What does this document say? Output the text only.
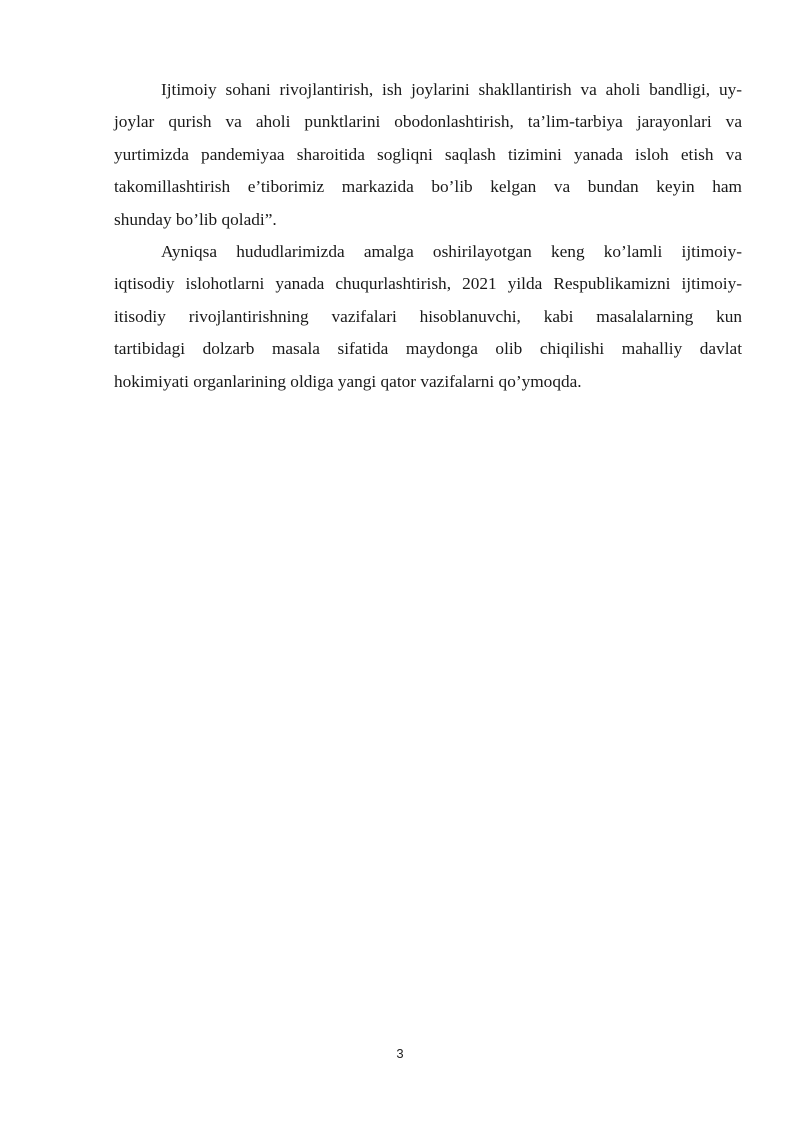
Ijtimoiy sohani rivojlantirish, ish joylarini shakllantirish va aholi bandligi, uy-
joylar qurish va aholi punktlarini obodonlashtirish, ta’lim-tarbiya jarayonlari va
yurtimizda pandemiyaa sharoitida sogliqni saqlash tizimini yanada isloh etish va
takomillashtirish e’tiborimiz markazida bo’lib kelgan va bundan keyin ham
shunday bo’lib qoladi”.

Ayniqsa hududlarimizda amalga oshirilayotgan keng ko’lamli ijtimoiy-
iqtisodiy islohotlarni yanada chuqurlashtirish, 2021 yilda Respublikamizni ijtimoiy-
itisodiy rivojlantirishning vazifalari hisoblanuvchi, kabi masalalarning kun
tartibidagi dolzarb masala sifatida maydonga olib chiqilishi mahalliy davlat
hokimiyati organlarining oldiga yangi qator vazifalarni qo’ymoqda.

3
